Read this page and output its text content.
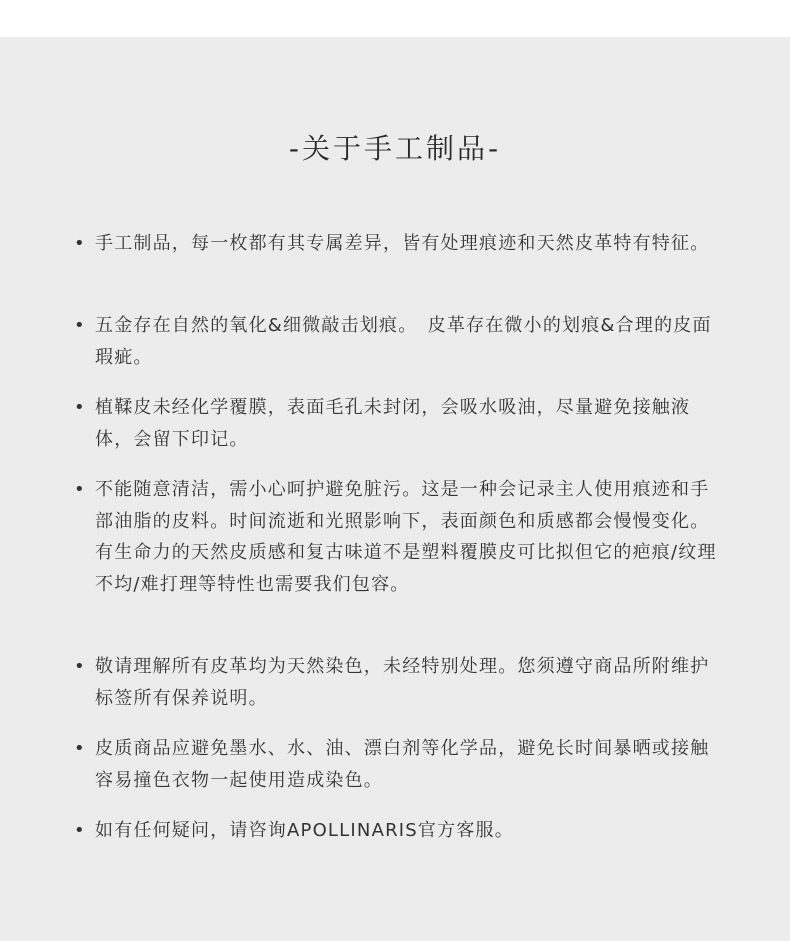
-关于手工制品-
• 手工制品，每一枚都有其专属差异，皆有处理痕迹和天然皮革特有特征。
• 五金存在自然的氧化&细微敲击划痕。　皮革存在微小的划痕&合理的皮面瑕疵。
• 植鞣皮未经化学覆膜，表面毛孔未封闭，会吸水吸油，尽量避免接触液体，会留下印记。
• 不能随意清洁，需小心呵护避免脏污。这是一种会记录主人使用痕迹和手部油脂的皮料。时间流逝和光照影响下，表面颜色和质感都会慢慢变化。有生命力的天然皮质感和复古味道不是塑料覆膜皮可比拟但它的疤痕/纹理不均/难打理等特性也需要我们包容。
• 敬请理解所有皮革均为天然染色，未经特别处理。您须遵守商品所附维护标签所有保养说明。
• 皮质商品应避免墨水、水、油、漂白剂等化学品，避免长时间暴晒或接触容易撞色衣物一起使用造成染色。
• 如有任何疑问，请咨询APOLLINARIS官方客服。
